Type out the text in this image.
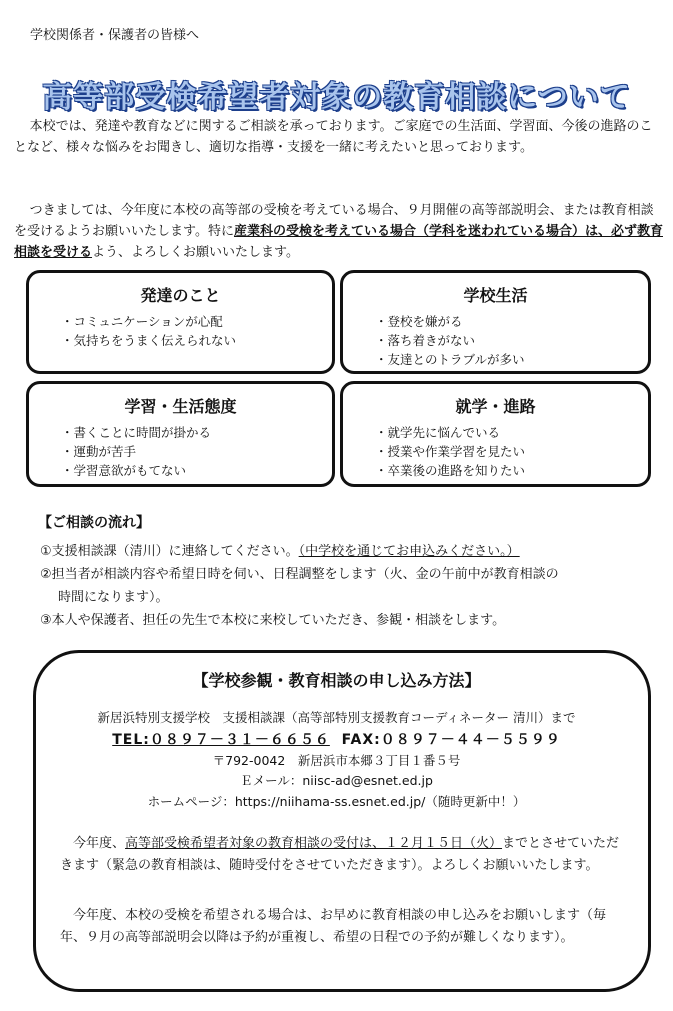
学校関係者・保護者の皆様へ
高等部受検希望者対象の教育相談について
本校では、発達や教育などに関するご相談を承っております。ご家庭での生活面、学習面、今後の進路のことなど、様々な悩みをお聞きし、適切な指導・支援を一緒に考えたいと思っております。
つきましては、今年度に本校の高等部の受検を考えている場合、９月開催の高等部説明会、または教育相談を受けるようお願いいたします。特に産業科の受検を考えている場合（学科を迷われている場合）は、必ず教育相談を受けるよう、よろしくお願いいたします。
発達のこと
・ コミュニケーションが心配
・ 気持ちをうまく伝えられない
学校生活
・ 登校を嫌がる
・ 落ち着きがない
・ 友達とのトラブルが多い
学習・生活態度
・ 書くことに時間が掛かる
・ 運動が苦手
・ 学習意欲がもてない
就学・進路
・ 就学先に悩んでいる
・ 授業や作業学習を見たい
・ 卒業後の進路を知りたい
【ご相談の流れ】
①支援相談課（清川）に連絡してください。（中学校を通じてお申込みください。）
②担当者が相談内容や希望日時を伺い、日程調整をします（火、金の午前中が教育相談の
時間になります）。
③本人や保護者、担任の先生で本校に来校していただき、参観・相談をします。
【学校参観・教育相談の申し込み方法】
新居浜特別支援学校　支援相談課（高等部特別支援教育コーディネーター 清川）まで
TEL:０８９７－３１－６６５６ FAX:０８９７－４４－５５９９
〒792-0042　新居浜市本郷３丁目１番５号
Ｅメール：niisc-ad@esnet.ed.jp
ホームページ：https://niihama-ss.esnet.ed.jp/（随時更新中！）
今年度、高等部受検希望者対象の教育相談の受付は、１２月１５日（火）までとさせていただきます（緊急の教育相談は、随時受付をさせていただきます）。よろしくお願いいたします。
今年度、本校の受検を希望される場合は、お早めに教育相談の申し込みをお願いします（毎年、９月の高等部説明会以降は予約が重複し、希望の日程での予約が難しくなります）。
